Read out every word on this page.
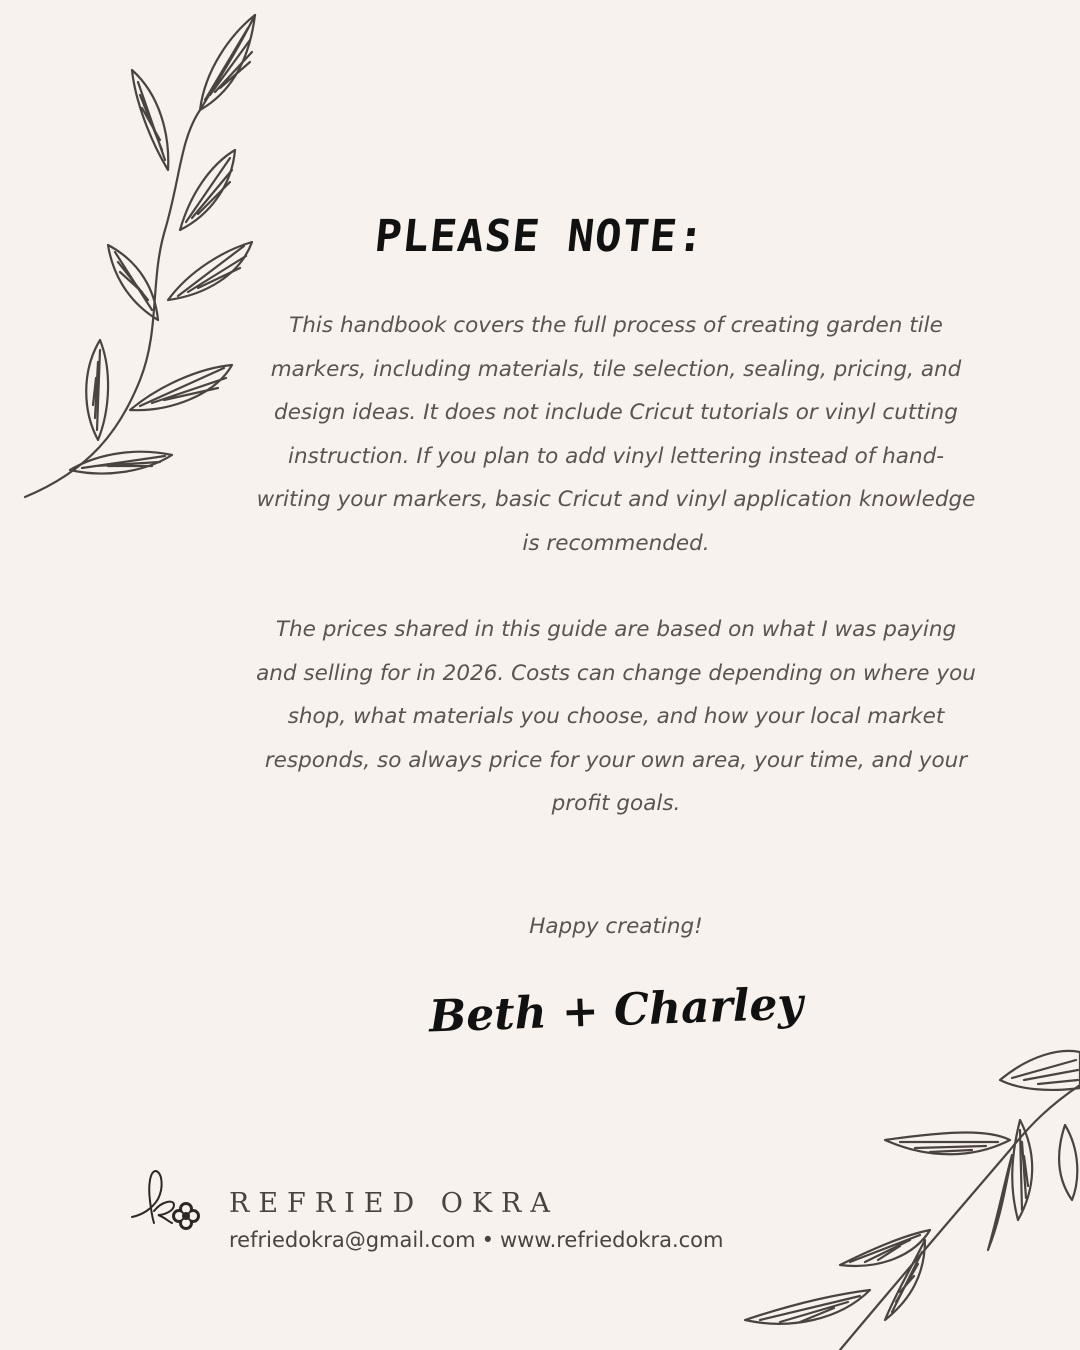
PLEASE NOTE:

This handbook covers the full process of creating garden tile markers, including materials, tile selection, sealing, pricing, and design ideas. It does not include Cricut tutorials or vinyl cutting instruction. If you plan to add vinyl lettering instead of hand-writing your markers, basic Cricut and vinyl application knowledge is recommended.

The prices shared in this guide are based on what I was paying and selling for in 2026. Costs can change depending on where you shop, what materials you choose, and how your local market responds, so always price for your own area, your time, and your profit goals.

Happy creating!

Beth + Charley

REFRIED OKRA

refriedokra@gmail.com • www.refriedokra.com
